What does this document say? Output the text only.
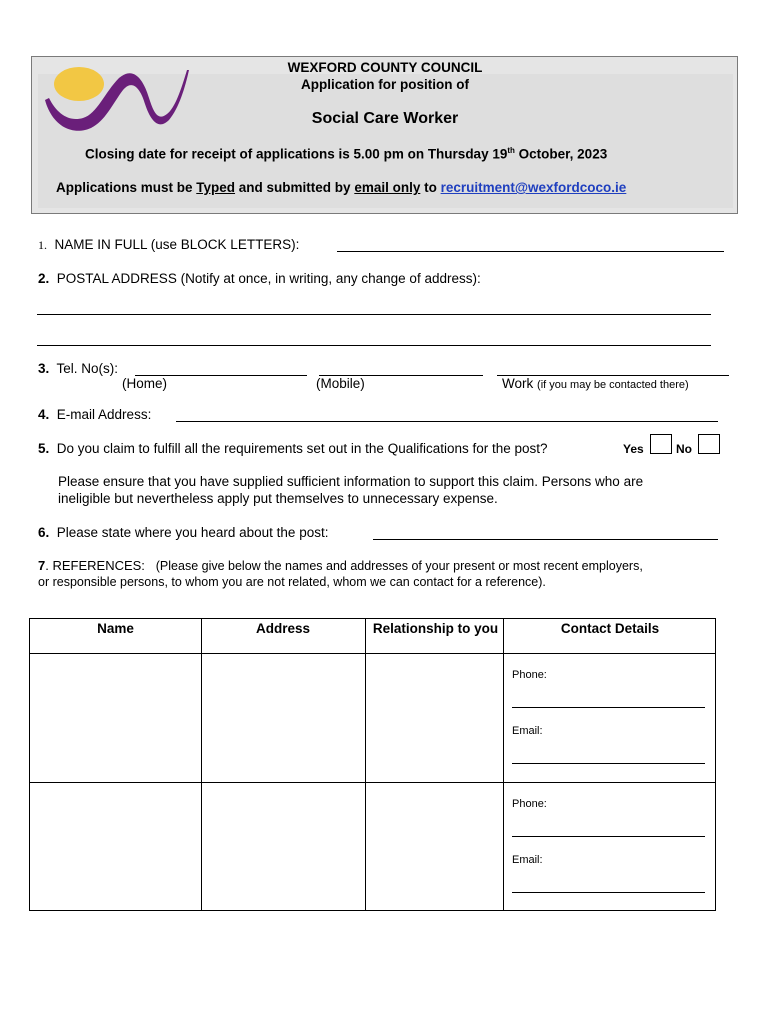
WEXFORD COUNTY COUNCIL
Application for position of
Social Care Worker
Closing date for receipt of applications is 5.00 pm on Thursday 19th October, 2023
Applications must be Typed and submitted by email only to recruitment@wexfordcoco.ie
1. NAME IN FULL (use BLOCK LETTERS):
2. POSTAL ADDRESS (Notify at once, in writing, any change of address):
3. Tel. No(s):
(Home)	(Mobile)	Work (if you may be contacted there)
4. E-mail Address:
5. Do you claim to fulfill all the requirements set out in the Qualifications for the post?	Yes	No
Please ensure that you have supplied sufficient information to support this claim. Persons who are
ineligible but nevertheless apply put themselves to unnecessary expense.
6. Please state where you heard about the post:
7. REFERENCES: (Please give below the names and addresses of your present or most recent employers,
or responsible persons, to whom you are not related, whom we can contact for a reference).
Name	Address	Relationship to you	Contact Details
Phone:
Email:
Phone:
Email:
